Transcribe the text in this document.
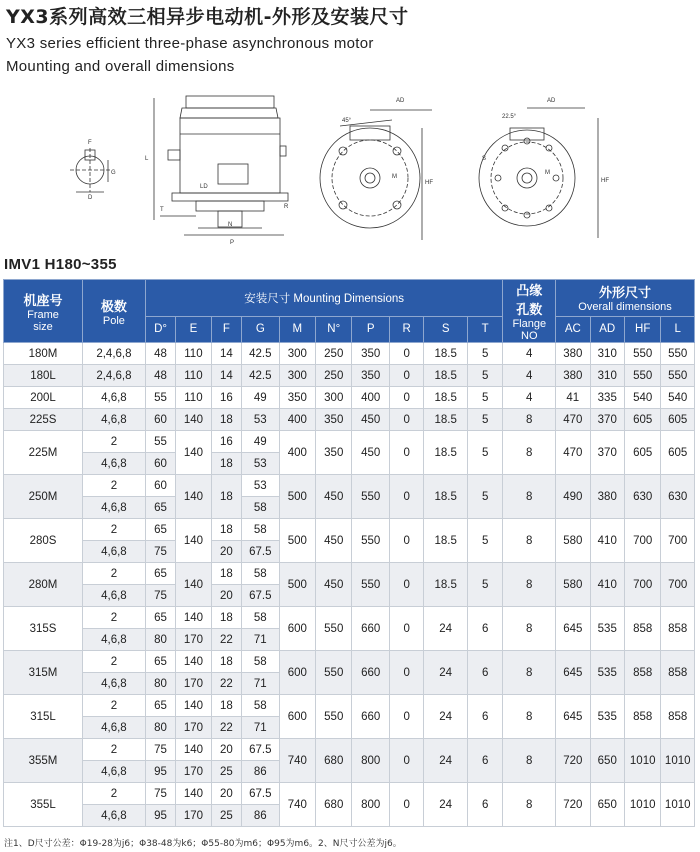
YX3系列高效三相异步电动机-外形及安装尺寸
YX3 series efficient three-phase asynchronous motor
Mounting and overall dimensions
F
G
D
L
LD
T	R
N
P
AD
HF
45°
M
AD
HF
22.5°
S
M
IMV1 H180~355
机座号
Frame
size	极数
Pole	安装尺寸 Mounting Dimensions										凸缘
孔数
Flange
NO	外形尺寸
Overall dimensions			

		D°	E	F	G	M	N°	P	R	S	T		AC	AD	HF	L
180M	2,4,6,8	48	110	14	42.5	300	250	350	0	18.5	5	4	380	310	550	550
180L	2,4,6,8	48	110	14	42.5	300	250	350	0	18.5	5	4	380	310	550	550
200L	4,6,8	55	110	16	49	350	300	400	0	18.5	5	4	41	335	540	540
225S	4,6,8	60	140	18	53	400	350	450	0	18.5	5	8	470	370	605	605
225M	2	55	140	16	49	400	350	450	0	18.5	5	8	470	370	605	605
	4,6,8	60		18	53											
250M	2	60	140	18	53	500	450	550	0	18.5	5	8	490	380	630	630
	4,6,8	65			58											
280S	2	65	140	18	58	500	450	550	0	18.5	5	8	580	410	700	700
	4,6,8	75		20	67.5											
280M	2	65	140	18	58	500	450	550	0	18.5	5	8	580	410	700	700
	4,6,8	75		20	67.5											
315S	2	65	140	18	58	600	550	660	0	24	6	8	645	535	858	858
	4,6,8	80	170	22	71											
315M	2	65	140	18	58	600	550	660	0	24	6	8	645	535	858	858
	4,6,8	80	170	22	71											
315L	2	65	140	18	58	600	550	660	0	24	6	8	645	535	858	858
	4,6,8	80	170	22	71											
355M	2	75	140	20	67.5	740	680	800	0	24	6	8	720	650	1010	1010
	4,6,8	95	170	25	86											
355L	2	75	140	20	67.5	740	680	800	0	24	6	8	720	650	1010	1010
	4,6,8	95	170	25	86											
注1、D尺寸公差：Φ19-28为j6；Φ38-48为k6；Φ55-80为m6；Φ95为m6。2、N尺寸公差为j6。
